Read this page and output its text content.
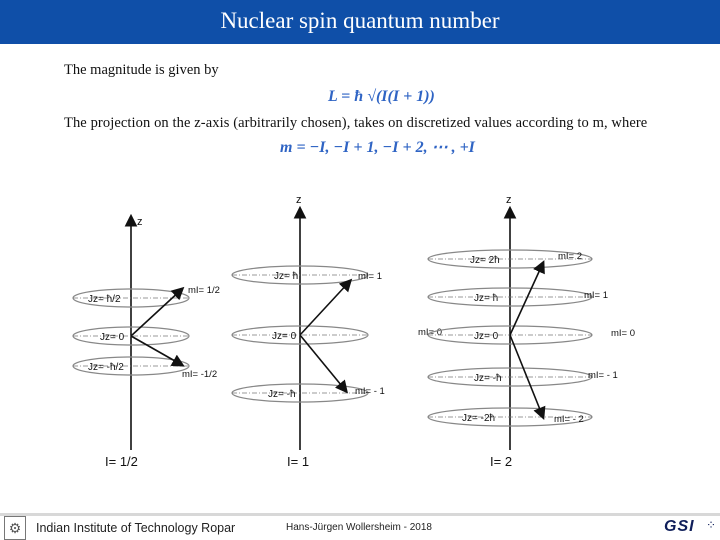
Nuclear spin quantum number
The magnitude is given by
L = ħ √(I(I + 1))
The projection on the z-axis (arbitrarily chosen), takes on discretized values according to m, where
m = −I, −I + 1, −I + 2, ⋯ , +I
z
Jz= ħ/2
mI= 1/2
Jz= 0
Jz= -ħ/2
mI= -1/2
I= 1/2
z
Jz= ħ	mI= 1
Jz= 0	mI= 0
Jz= -ħ	mI= - 1
I= 1
z
Jz= 2ħ	mI= 2
Jz= ħ	mI= 1
Jz= 0	mI= 0
Jz= -ħ	mI= - 1
Jz= -2ħ	mI= - 2
I= 2
⚙	Indian Institute of Technology Ropar	Hans-Jürgen Wollersheim - 2018	GSI ⁘
